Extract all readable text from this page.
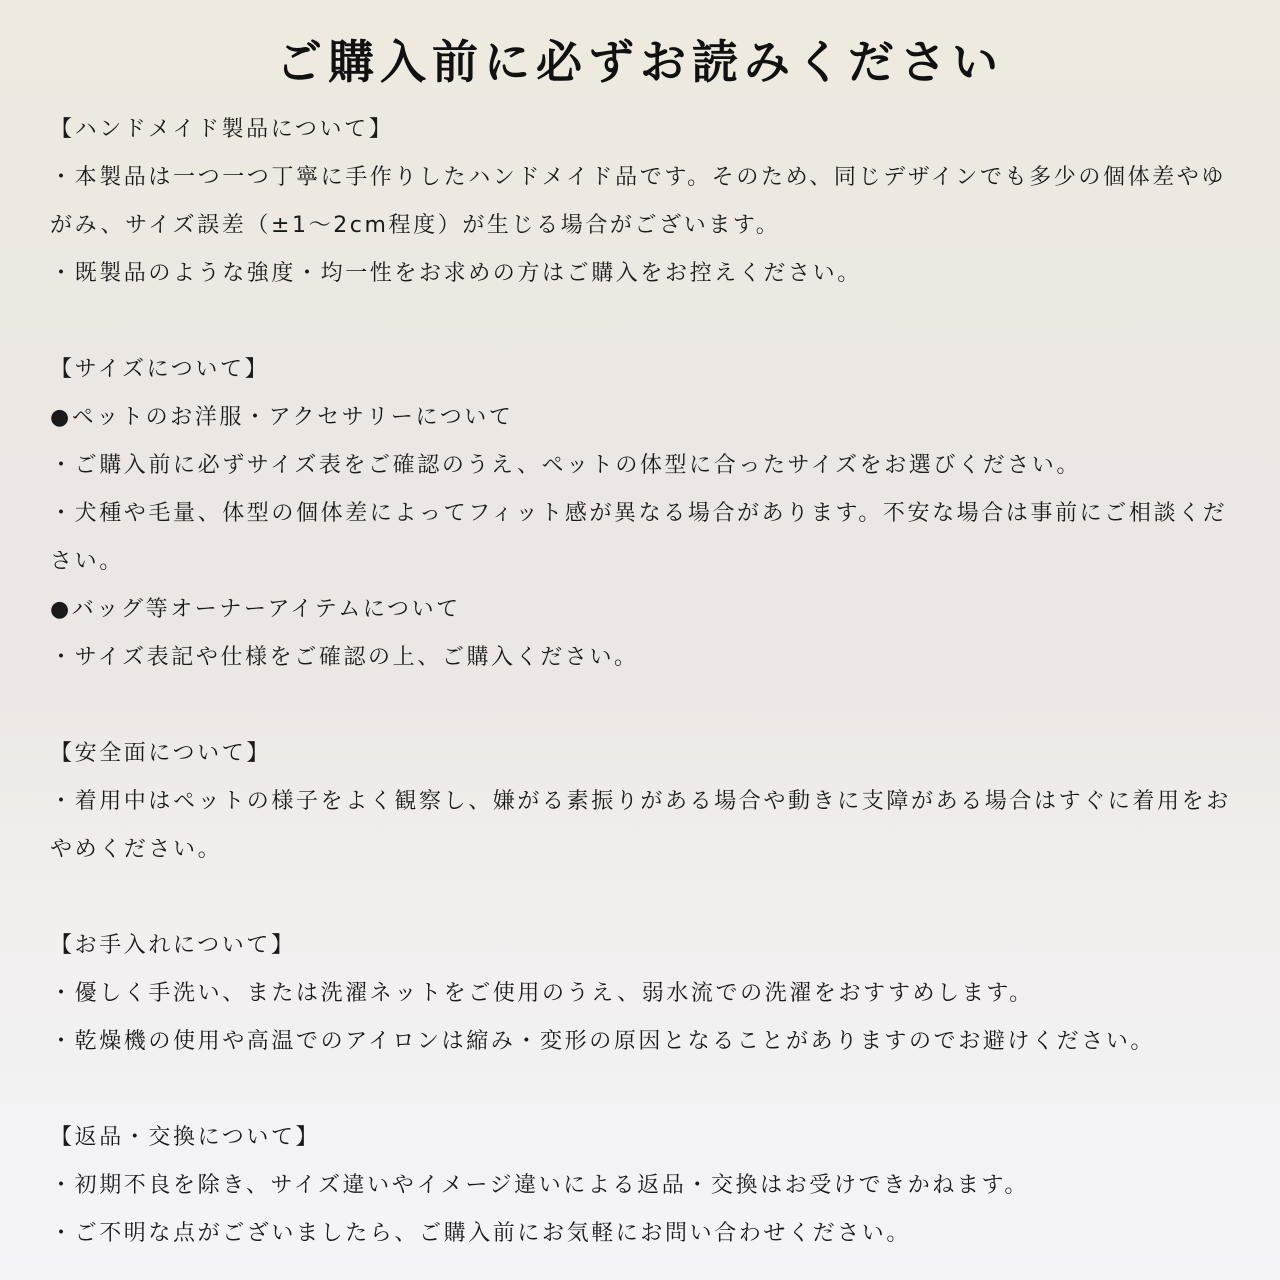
ご購入前に必ずお読みください
【ハンドメイド製品について】
・本製品は一つ一つ丁寧に手作りしたハンドメイド品です。そのため、同じデザインでも多少の個体差やゆ
がみ、サイズ誤差（±1〜2cm程度）が生じる場合がございます。
・既製品のような強度・均一性をお求めの方はご購入をお控えください。
【サイズについて】
●ペットのお洋服・アクセサリーについて
・ご購入前に必ずサイズ表をご確認のうえ、ペットの体型に合ったサイズをお選びください。
・犬種や毛量、体型の個体差によってフィット感が異なる場合があります。不安な場合は事前にご相談くだ
さい。
●バッグ等オーナーアイテムについて
・サイズ表記や仕様をご確認の上、ご購入ください。
【安全面について】
・着用中はペットの様子をよく観察し、嫌がる素振りがある場合や動きに支障がある場合はすぐに着用をお
やめください。
【お手入れについて】
・優しく手洗い、または洗濯ネットをご使用のうえ、弱水流での洗濯をおすすめします。
・乾燥機の使用や高温でのアイロンは縮み・変形の原因となることがありますのでお避けください。
【返品・交換について】
・初期不良を除き、サイズ違いやイメージ違いによる返品・交換はお受けできかねます。
・ご不明な点がございましたら、ご購入前にお気軽にお問い合わせください。
